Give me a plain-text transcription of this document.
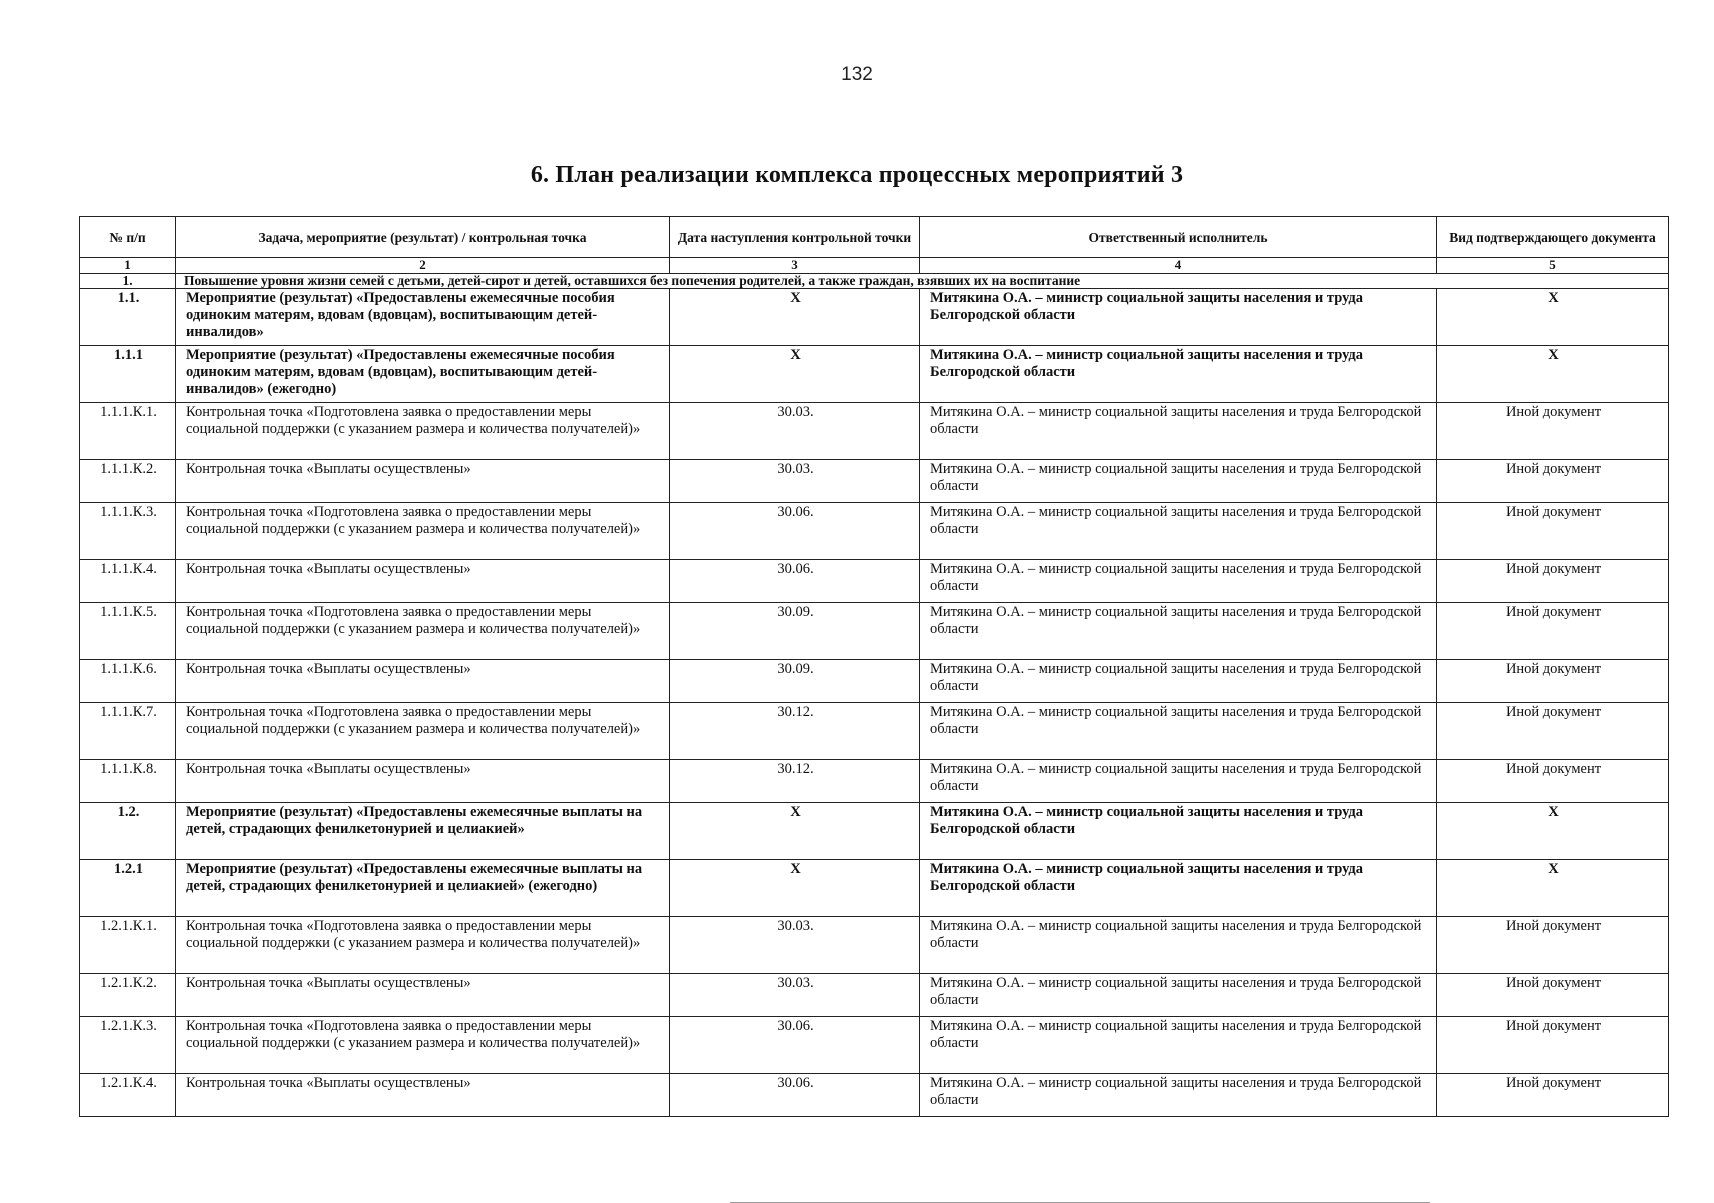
132
6. План реализации комплекса процессных мероприятий 3
№ п/п	Задача, мероприятие (результат) / контрольная точка	Дата наступления контрольной точки	Ответственный исполнитель	Вид подтверждающего документа
1	2	3	4	5
1.	Повышение уровня жизни семей с детьми, детей-сирот и детей, оставшихся без попечения родителей, а также граждан, взявших их на воспитание			
1.1.	Мероприятие (результат) «Предоставлены ежемесячные пособия одиноким матерям, вдовам (вдовцам), воспитывающим детей-инвалидов»	X	Митякина О.А. – министр социальной защиты населения и труда Белгородской области	X
1.1.1	Мероприятие (результат) «Предоставлены ежемесячные пособия одиноким матерям, вдовам (вдовцам), воспитывающим детей-инвалидов» (ежегодно)	X	Митякина О.А. – министр социальной защиты населения и труда Белгородской области	X
1.1.1.К.1.	Контрольная точка «Подготовлена заявка о предоставлении меры социальной поддержки (с указанием размера и количества получателей)»	30.03.	Митякина О.А. – министр социальной защиты населения и труда Белгородской области	Иной документ
1.1.1.К.2.	Контрольная точка «Выплаты осуществлены»	30.03.	Митякина О.А. – министр социальной защиты населения и труда Белгородской области	Иной документ
1.1.1.К.3.	Контрольная точка «Подготовлена заявка о предоставлении меры социальной поддержки (с указанием размера и количества получателей)»	30.06.	Митякина О.А. – министр социальной защиты населения и труда Белгородской области	Иной документ
1.1.1.К.4.	Контрольная точка «Выплаты осуществлены»	30.06.	Митякина О.А. – министр социальной защиты населения и труда Белгородской области	Иной документ
1.1.1.К.5.	Контрольная точка «Подготовлена заявка о предоставлении меры социальной поддержки (с указанием размера и количества получателей)»	30.09.	Митякина О.А. – министр социальной защиты населения и труда Белгородской области	Иной документ
1.1.1.К.6.	Контрольная точка «Выплаты осуществлены»	30.09.	Митякина О.А. – министр социальной защиты населения и труда Белгородской области	Иной документ
1.1.1.К.7.	Контрольная точка «Подготовлена заявка о предоставлении меры социальной поддержки (с указанием размера и количества получателей)»	30.12.	Митякина О.А. – министр социальной защиты населения и труда Белгородской области	Иной документ
1.1.1.К.8.	Контрольная точка «Выплаты осуществлены»	30.12.	Митякина О.А. – министр социальной защиты населения и труда Белгородской области	Иной документ
1.2.	Мероприятие (результат) «Предоставлены ежемесячные выплаты на детей, страдающих фенилкетонурией и целиакией»	X	Митякина О.А. – министр социальной защиты населения и труда Белгородской области	X
1.2.1	Мероприятие (результат) «Предоставлены ежемесячные выплаты на детей, страдающих фенилкетонурией и целиакией» (ежегодно)	X	Митякина О.А. – министр социальной защиты населения и труда Белгородской области	X
1.2.1.К.1.	Контрольная точка «Подготовлена заявка о предоставлении меры социальной поддержки (с указанием размера и количества получателей)»	30.03.	Митякина О.А. – министр социальной защиты населения и труда Белгородской области	Иной документ
1.2.1.К.2.	Контрольная точка «Выплаты осуществлены»	30.03.	Митякина О.А. – министр социальной защиты населения и труда Белгородской области	Иной документ
1.2.1.К.3.	Контрольная точка «Подготовлена заявка о предоставлении меры социальной поддержки (с указанием размера и количества получателей)»	30.06.	Митякина О.А. – министр социальной защиты населения и труда Белгородской области	Иной документ
1.2.1.К.4.	Контрольная точка «Выплаты осуществлены»	30.06.	Митякина О.А. – министр социальной защиты населения и труда Белгородской области	Иной документ
